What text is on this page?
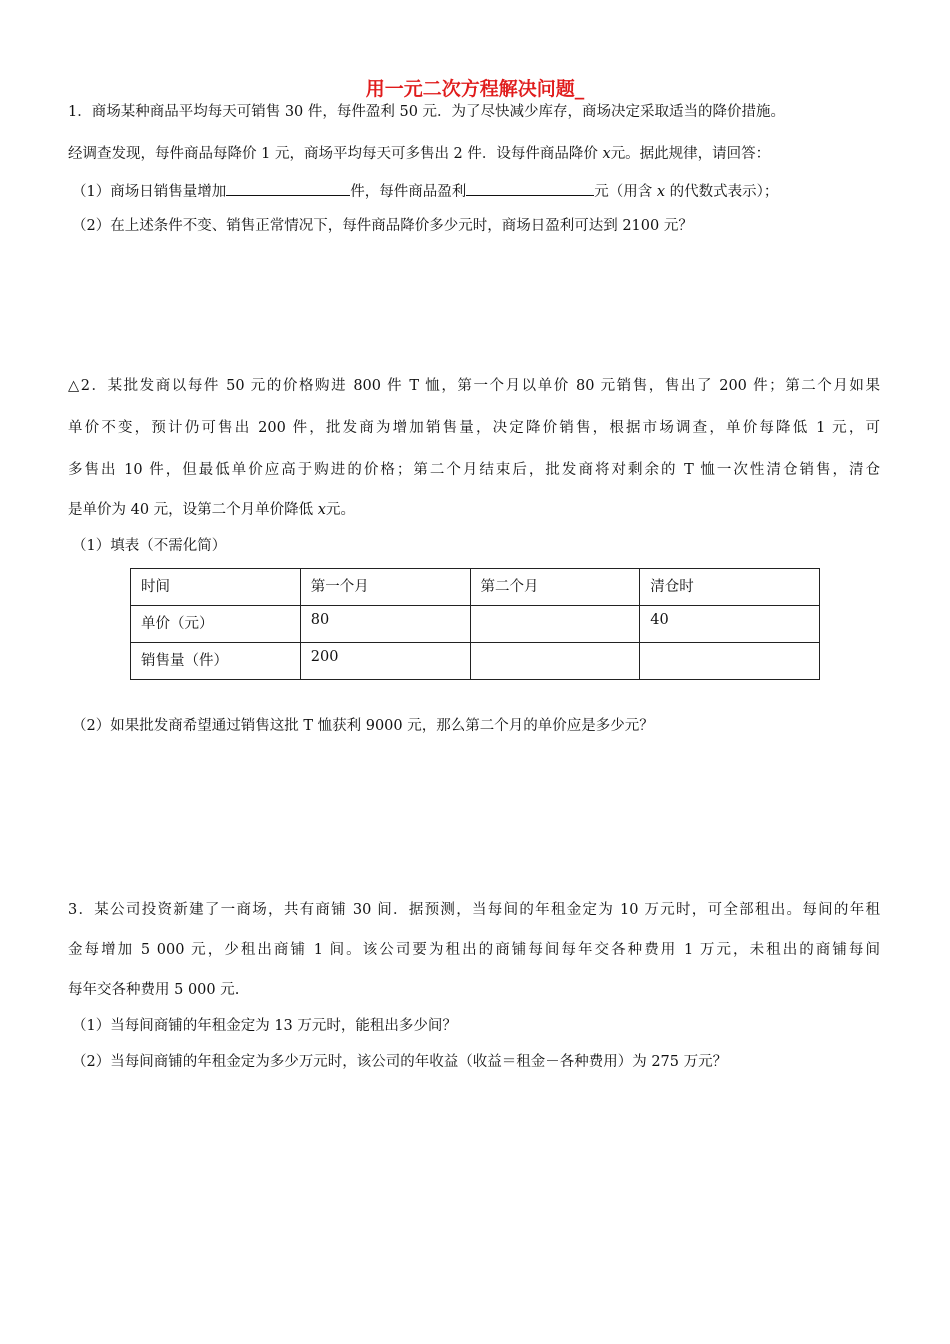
用一元二次方程解决问题_
1．商场某种商品平均每天可销售 30 件，每件盈利 50 元．为了尽快减少库存，商场决定采取适当的降价措施。
经调查发现，每件商品每降价 1 元，商场平均每天可多售出 2 件．设每件商品降价 x元。据此规律，请回答：
（1）商场日销售量增加	件，每件商品盈利	元（用含 x 的代数式表示）；
（2）在上述条件不变、销售正常情况下，每件商品降价多少元时，商场日盈利可达到 2100 元？
△2．某批发商以每件 50 元的价格购进 800 件 T 恤，第一个月以单价 80 元销售，售出了 200 件；第二个月如果
单价不变，预计仍可售出 200 件，批发商为增加销售量，决定降价销售，根据市场调查，单价每降低 1 元，可
多售出 10 件，但最低单价应高于购进的价格；第二个月结束后，批发商将对剩余的 T 恤一次性清仓销售，清仓
是单价为 40 元，设第二个月单价降低 x元。
（1）填表（不需化简）
时间	第一个月	第二个月	清仓时
单价（元）	80		40
销售量（件）	200		
（2）如果批发商希望通过销售这批 T 恤获利 9000 元，那么第二个月的单价应是多少元？
3．某公司投资新建了一商场，共有商铺 30 间．据预测，当每间的年租金定为 10 万元时，可全部租出。每间的年租
金每增加 5 000 元，少租出商铺 1 间。该公司要为租出的商铺每间每年交各种费用 1 万元，未租出的商铺每间
每年交各种费用 5 000 元.
（1）当每间商铺的年租金定为 13 万元时，能租出多少间？
（2）当每间商铺的年租金定为多少万元时，该公司的年收益（收益＝租金－各种费用）为 275 万元？
